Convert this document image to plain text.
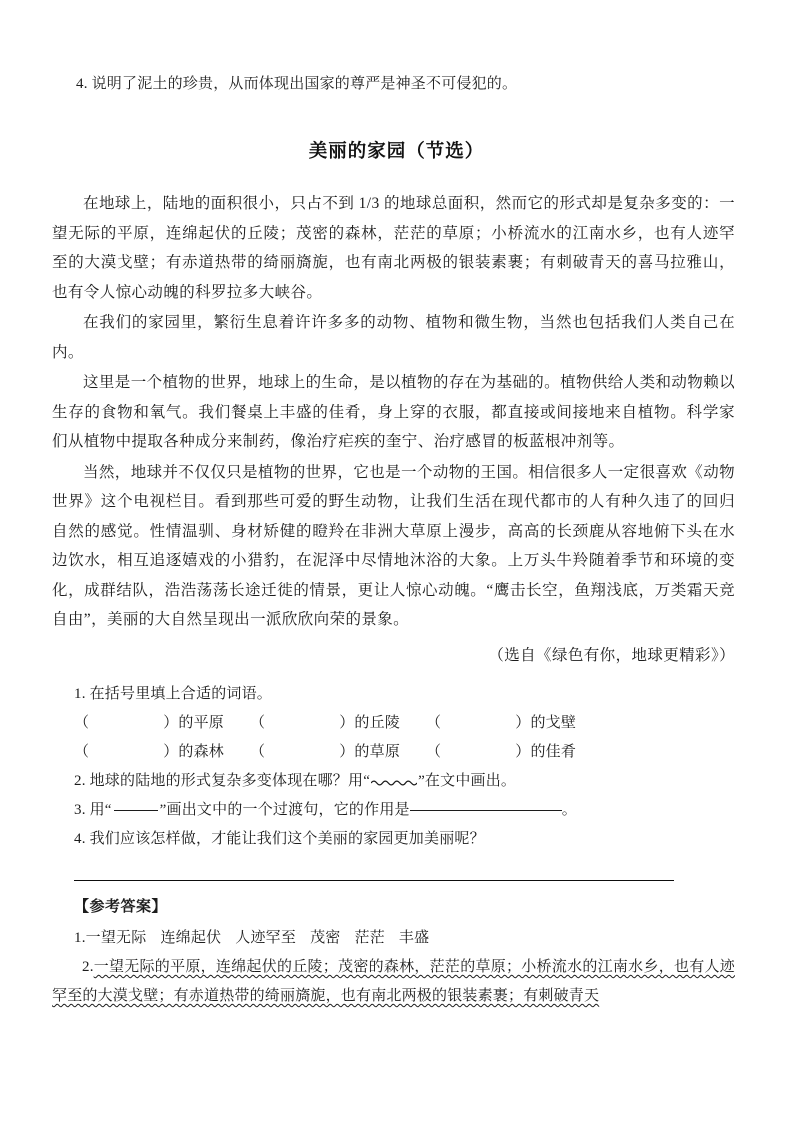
4. 说明了泥土的珍贵，从而体现出国家的尊严是神圣不可侵犯的。
美丽的家园（节选）

在地球上，陆地的面积很小，只占不到 1/3 的地球总面积，然而它的形式却是复杂多变的：一望无际的平原，连绵起伏的丘陵；茂密的森林，茫茫的草原；小桥流水的江南水乡，也有人迹罕至的大漠戈壁；有赤道热带的绮丽旖旎，也有南北两极的银装素裹；有刺破青天的喜马拉雅山，也有令人惊心动魄的科罗拉多大峡谷。

在我们的家园里，繁衍生息着许许多多的动物、植物和微生物，当然也包括我们人类自己在内。

这里是一个植物的世界，地球上的生命，是以植物的存在为基础的。植物供给人类和动物赖以生存的食物和氧气。我们餐桌上丰盛的佳肴，身上穿的衣服，都直接或间接地来自植物。科学家们从植物中提取各种成分来制药，像治疗疟疾的奎宁、治疗感冒的板蓝根冲剂等。

当然，地球并不仅仅只是植物的世界，它也是一个动物的王国。相信很多人一定很喜欢《动物世界》这个电视栏目。看到那些可爱的野生动物，让我们生活在现代都市的人有种久违了的回归自然的感觉。性情温驯、身材矫健的瞪羚在非洲大草原上漫步，高高的长颈鹿从容地俯下头在水边饮水，相互追逐嬉戏的小猎豹，在泥泽中尽情地沐浴的大象。上万头牛羚随着季节和环境的变化，成群结队，浩浩荡荡长途迁徙的情景，更让人惊心动魄。“鹰击长空，鱼翔浅底，万类霜天竞自由”，美丽的大自然呈现出一派欣欣向荣的景象。

（选自《绿色有你，地球更精彩》）

1. 在括号里填上合适的词语。

（	）的平原 （	）的丘陵 （	）的戈壁

（	）的森林 （	）的草原 （	）的佳肴

2. 地球的陆地的形式复杂多变体现在哪？用“	”在文中画出。

3. 用“	”画出文中的一个过渡句，它的作用是	。

4. 我们应该怎样做，才能让我们这个美丽的家园更加美丽呢？

【参考答案】

1.一望无际 连绵起伏 人迹罕至 茂密 茫茫 丰盛

2.一望无际的平原，连绵起伏的丘陵；茂密的森林，茫茫的草原；小桥流水的江南水乡，也有人迹罕至的大漠戈壁；有赤道热带的绮丽旖旎，也有南北两极的银装素裹；有刺破青天
